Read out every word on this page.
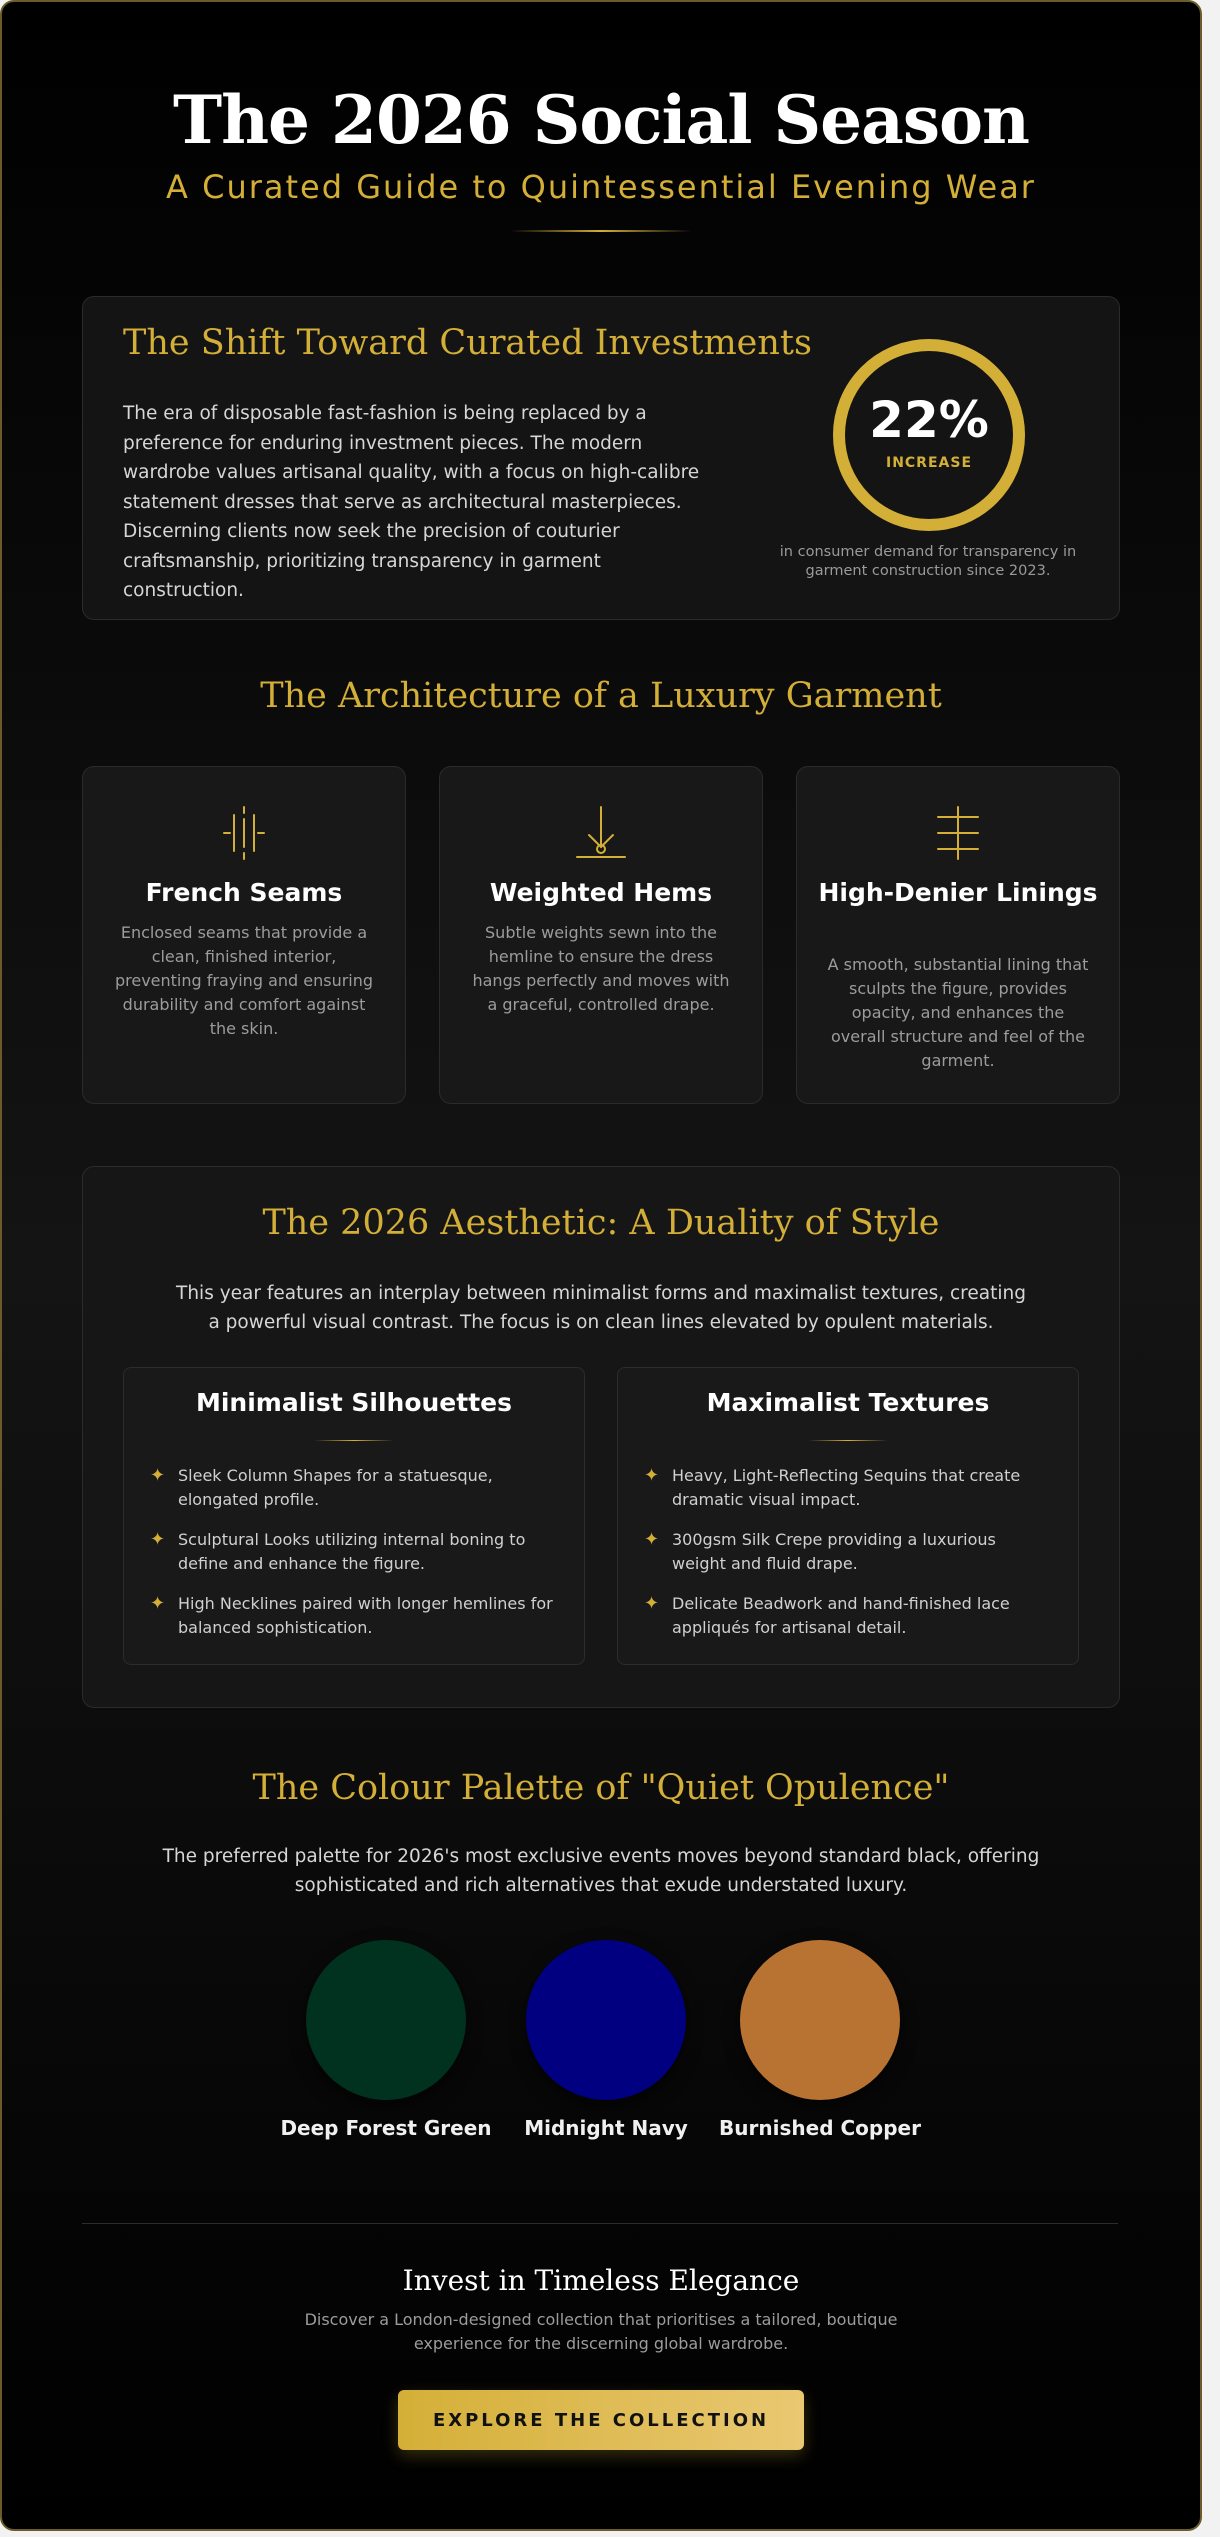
The 2026 Social Season
A Curated Guide to Quintessential Evening Wear
The Shift Toward Curated Investments

The era of disposable fast-fashion is being replaced by a preference for enduring investment pieces. The modern wardrobe values artisanal quality, with a focus on high-calibre statement dresses that serve as architectural masterpieces. Discerning clients now seek the precision of couturier craftsmanship, prioritizing transparency in garment construction.

22%
INCREASE
in consumer demand for transparency in garment construction since 2023.
The Architecture of a Luxury Garment
French Seams

Enclosed seams that provide a clean, finished interior, preventing fraying and ensuring durability and comfort against the skin.

Weighted Hems

Subtle weights sewn into the hemline to ensure the dress hangs perfectly and moves with a graceful, controlled drape.

High-Denier Linings

A smooth, substantial lining that sculpts the figure, provides opacity, and enhances the overall structure and feel of the garment.

The 2026 Aesthetic: A Duality of Style

This year features an interplay between minimalist forms and maximalist textures, creating a powerful visual contrast. The focus is on clean lines elevated by opulent materials.

Minimalist Silhouettes
✦ Sleek Column Shapes for a statuesque, elongated profile.
✦ Sculptural Looks utilizing internal boning to define and enhance the figure.
✦ High Necklines paired with longer hemlines for balanced sophistication.
Maximalist Textures
✦ Heavy, Light-Reflecting Sequins that create dramatic visual impact.
✦ 300gsm Silk Crepe providing a luxurious weight and fluid drape.
✦ Delicate Beadwork and hand-finished lace appliqués for artisanal detail.
The Colour Palette of "Quiet Opulence"

The preferred palette for 2026's most exclusive events moves beyond standard black, offering sophisticated and rich alternatives that exude understated luxury.

Deep Forest Green	Midnight Navy	Burnished Copper
Invest in Timeless Elegance
Discover a London-designed collection that prioritises a tailored, boutique experience for the discerning global wardrobe.
EXPLORE THE COLLECTION
